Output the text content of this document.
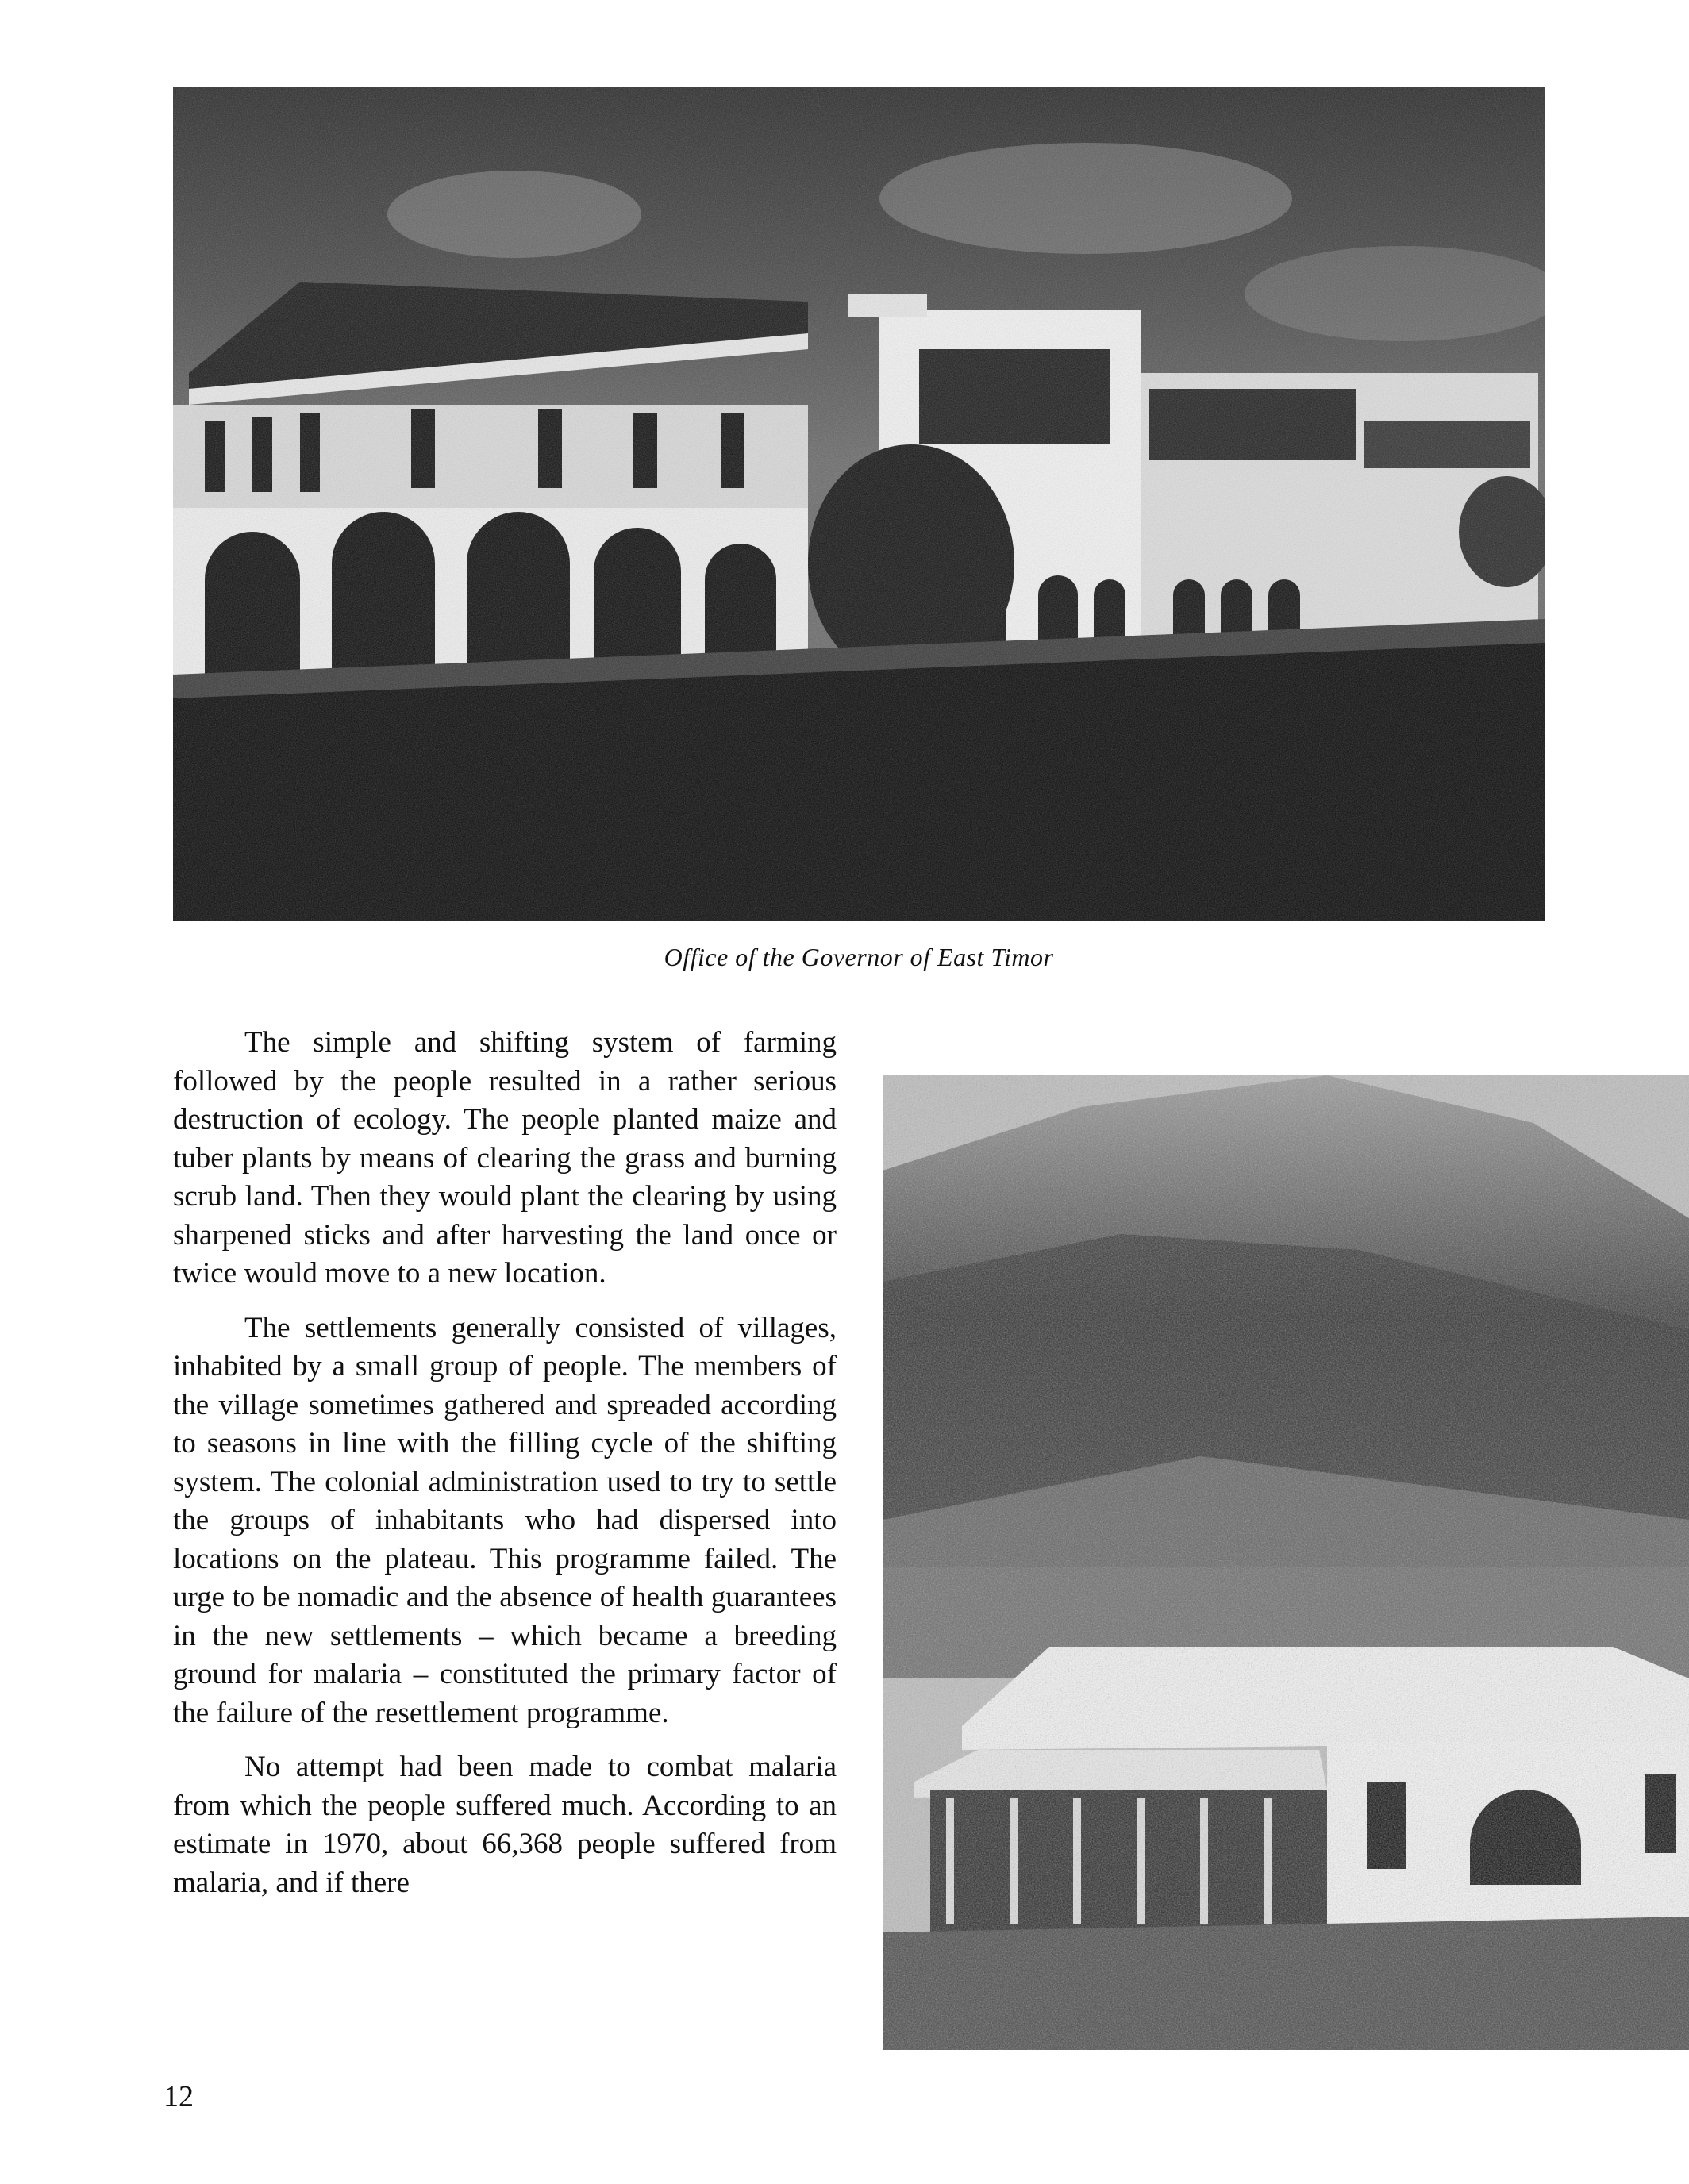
Office of the Governor of East Timor

The simple and shifting system of farming followed by the people resulted in a rather serious destruction of ecology. The people planted maize and tuber plants by means of clearing the grass and burning scrub land. Then they would plant the clearing by using sharpened sticks and after harvesting the land once or twice would move to a new location.

The settlements generally consisted of villages, inhabited by a small group of people. The members of the village sometimes gathered and spreaded according to seasons in line with the filling cycle of the shifting system. The colonial administration used to try to settle the groups of inhabitants who had dispersed into locations on the plateau. This programme failed. The urge to be nomadic and the absence of health guarantees in the new settlements – which became a breeding ground for malaria – constituted the primary factor of the failure of the resettlement programme.

No attempt had been made to combat malaria from which the people suffered much. According to an estimate in 1970, about 66,368 people suffered from malaria, and if there

12
